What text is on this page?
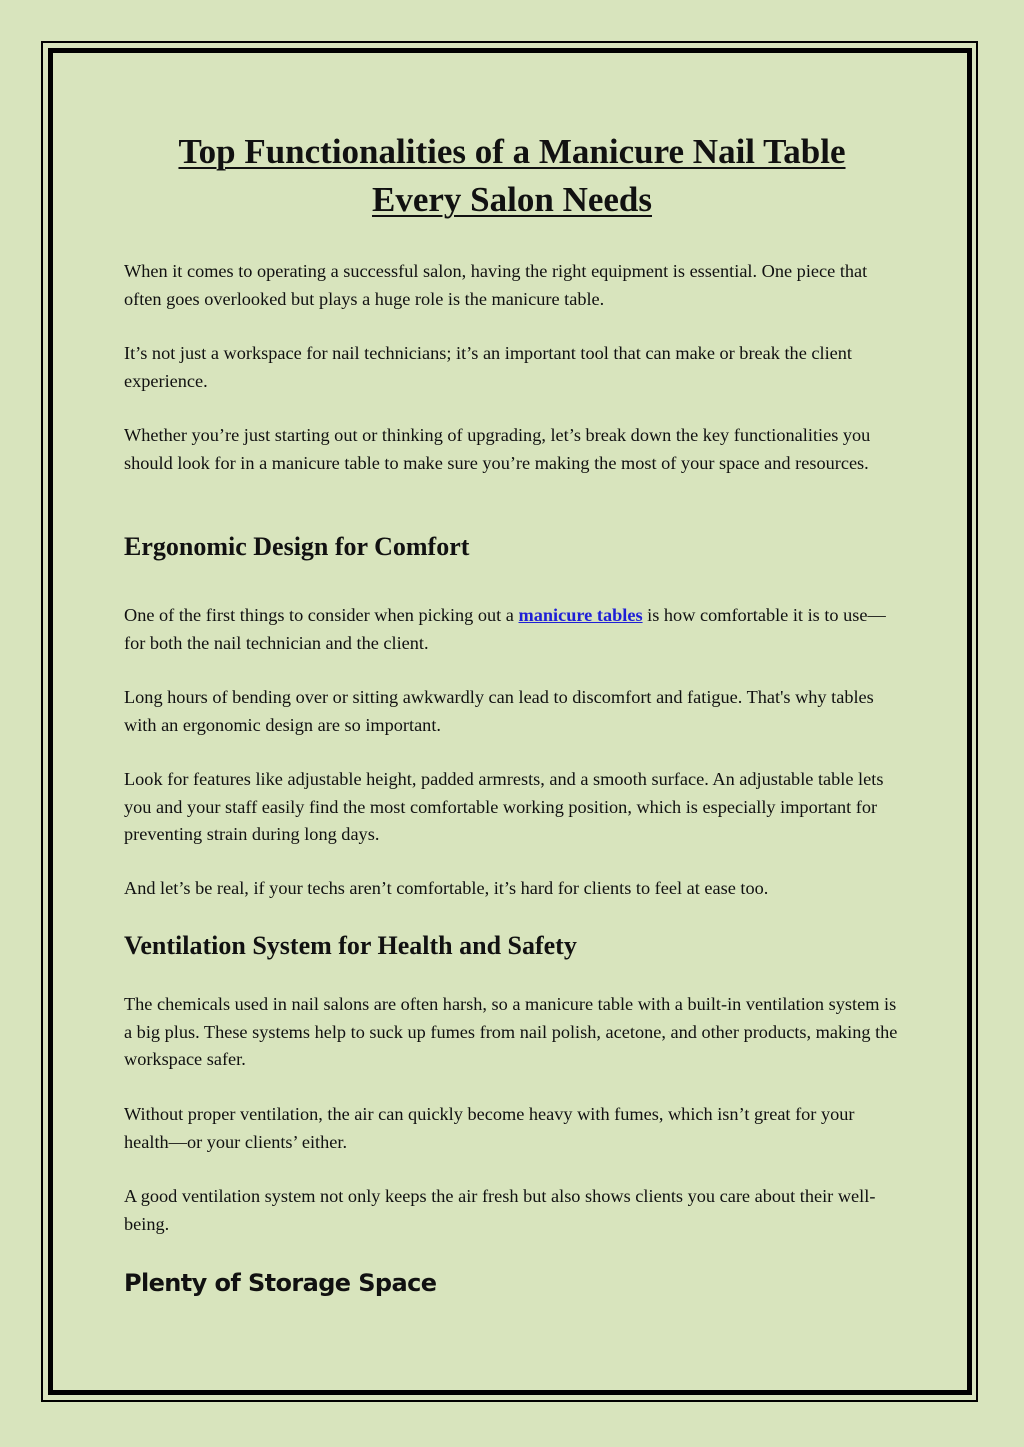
Top Functionalities of a Manicure Nail Table
Every Salon Needs

When it comes to operating a successful salon, having the right equipment is essential. One piece that often goes overlooked but plays a huge role is the manicure table.

It’s not just a workspace for nail technicians; it’s an important tool that can make or break the client experience.

Whether you’re just starting out or thinking of upgrading, let’s break down the key functionalities you should look for in a manicure table to make sure you’re making the most of your space and resources.

Ergonomic Design for Comfort

One of the first things to consider when picking out a manicure tables is how comfortable it is to use—for both the nail technician and the client.

Long hours of bending over or sitting awkwardly can lead to discomfort and fatigue. That's why tables with an ergonomic design are so important.

Look for features like adjustable height, padded armrests, and a smooth surface. An adjustable table lets you and your staff easily find the most comfortable working position, which is especially important for preventing strain during long days.

And let’s be real, if your techs aren’t comfortable, it’s hard for clients to feel at ease too.

Ventilation System for Health and Safety

The chemicals used in nail salons are often harsh, so a manicure table with a built-in ventilation system is a big plus. These systems help to suck up fumes from nail polish, acetone, and other products, making the workspace safer.

Without proper ventilation, the air can quickly become heavy with fumes, which isn’t great for your health—or your clients’ either.

A good ventilation system not only keeps the air fresh but also shows clients you care about their well-being.

Plenty of Storage Space
